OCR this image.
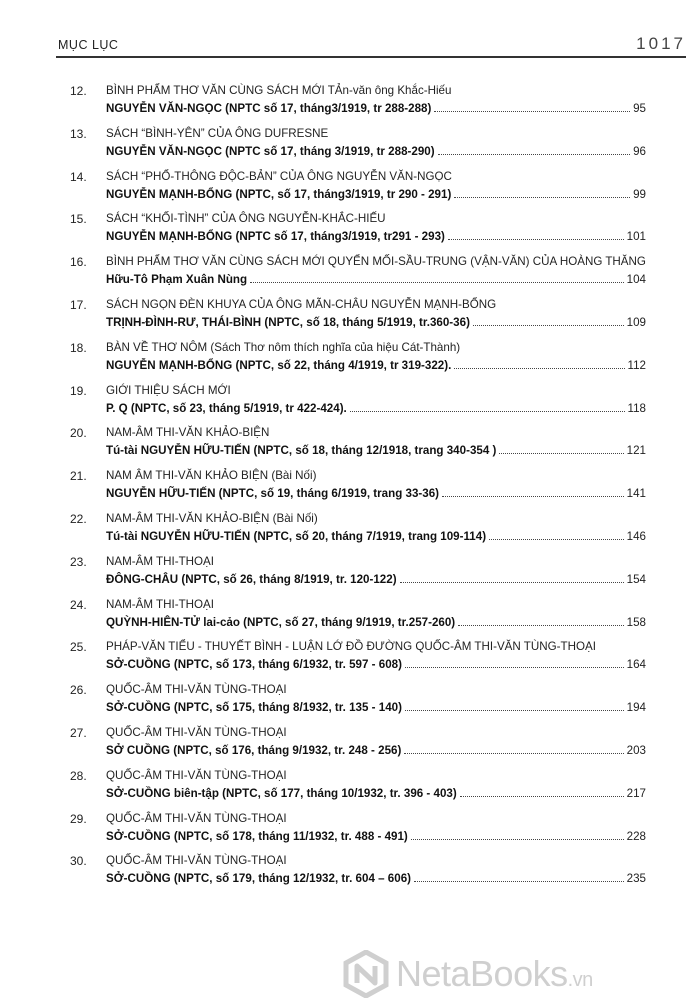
MỤC LỤC	1017
12.	BÌNH PHẨM THƠ VĂN CÙNG SÁCH MỚI TẢn-văn ông Khắc-Hiếu
NGUYỄN VĂN-NGỌC (NPTC số 17, tháng3/1919, tr 288-288)	95
13.	SÁCH “BÌNH-YÊN” CỦA ÔNG DUFRESNE
NGUYỄN VĂN-NGỌC (NPTC số 17, tháng 3/1919, tr 288-290)	96
14.	SÁCH “PHỔ-THÔNG ĐỘC-BẢN” CỦA ÔNG NGUYỄN VĂN-NGỌC
NGUYỄN MẠNH-BỔNG (NPTC, số 17, tháng3/1919, tr 290 - 291)	99
15.	SÁCH “KHỐI-TÌNH” CỦA ÔNG NGUYỄN-KHẮC-HIẾU
NGUYỄN MẠNH-BỔNG (NPTC số 17, tháng3/1919, tr291 - 293)	101
16.	BÌNH PHẨM THƠ VĂN CÙNG SÁCH MỚI QUYỂN MỐI-SẦU-TRUNG (VẬN-VĂN) CỦA HOÀNG THĂNG
Hữu-Tô Phạm Xuân Nùng	104
17.	SÁCH NGỌN ĐÈN KHUYA CỦA ÔNG MÃN-CHÂU NGUYỄN MẠNH-BỔNG
TRỊNH-ĐÌNH-RƯ, THÁI-BÌNH (NPTC, số 18, tháng 5/1919, tr.360-36)	109
18.	BÀN VỀ THƠ NÔM (Sách Thơ nôm thích nghĩa của hiệu Cát-Thành)
NGUYỄN MẠNH-BỔNG (NPTC, số 22, tháng 4/1919, tr 319-322).	112
19.	GIỚI THIỆU SÁCH MỚI
P. Q (NPTC, số 23, tháng 5/1919, tr 422-424).	118
20.	NAM-ÂM THI-VĂN KHẢO-BIỆN
Tú-tài NGUYỄN HỮU-TIẾN (NPTC, số 18, tháng 12/1918, trang 340-354 )	121
21.	NAM ÂM THI-VĂN KHẢO BIỆN (Bài Nối)
NGUYỄN HỮU-TIẾN (NPTC, số 19, tháng 6/1919, trang 33-36)	141
22.	NAM-ÂM THI-VĂN KHẢO-BIỆN (Bài Nối)
Tú-tài NGUYỄN HỮU-TIẾN (NPTC, số 20, tháng 7/1919, trang 109-114)	146
23.	NAM-ÂM THI-THOẠI
ĐÔNG-CHÂU (NPTC, số 26, tháng 8/1919, tr. 120-122)	154
24.	NAM-ÂM THI-THOẠI
QUỲNH-HIÊN-TỬ lai-cảo (NPTC, số 27, tháng 9/1919, tr.257-260)	158
25.	PHÁP-VĂN TIỂU - THUYẾT BÌNH - LUẬN LỚ ĐỒ ĐƯỜNG QUỐC-ÂM THI-VĂN TÙNG-THOẠI
SỞ-CUỒNG (NPTC, số 173, tháng 6/1932, tr. 597 - 608)	164
26.	QUỐC-ÂM THI-VĂN TÙNG-THOẠI
SỞ-CUỒNG (NPTC, số 175, tháng 8/1932, tr. 135 - 140)	194
27.	QUỐC-ÂM THI-VĂN TÙNG-THOẠI
SỞ CUỒNG (NPTC, số 176, tháng 9/1932, tr. 248 - 256)	203
28.	QUỐC-ÂM THI-VĂN TÙNG-THOẠI
SỞ-CUỒNG biên-tập (NPTC, số 177, tháng 10/1932, tr. 396 - 403)	217
29.	QUỐC-ÂM THI-VĂN TÙNG-THOẠI
SỞ-CUỒNG (NPTC, số 178, tháng 11/1932, tr. 488 - 491)	228
30.	QUỐC-ÂM THI-VĂN TÙNG-THOẠI
SỞ-CUỒNG (NPTC, số 179, tháng 12/1932, tr. 604 – 606)	235
NetaBooks.vn
